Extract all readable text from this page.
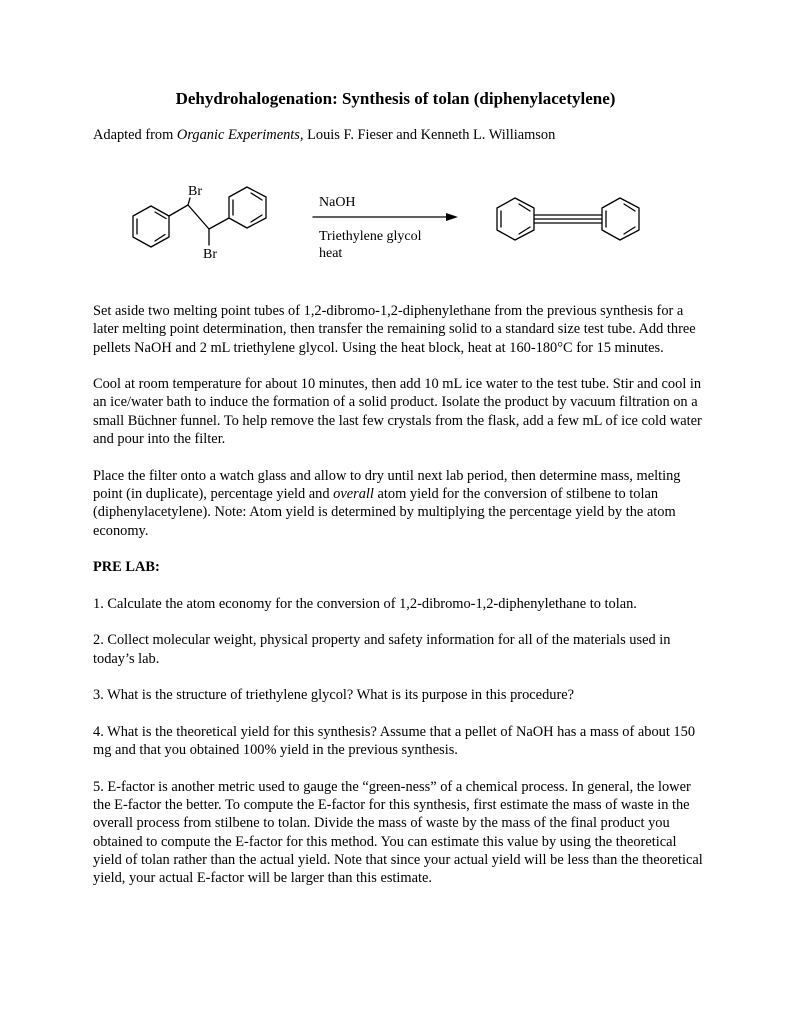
Dehydrohalogenation: Synthesis of tolan (diphenylacetylene)
Adapted from Organic Experiments, Louis F. Fieser and Kenneth L. Williamson
Br
Br
NaOH
Triethylene glycol
heat

Set aside two melting point tubes of 1,2-dibromo-1,2-diphenylethane from the previous synthesis for a later melting point determination, then transfer the remaining solid to a standard size test tube. Add three pellets NaOH and 2 mL triethylene glycol. Using the heat block, heat at 160-180°C for 15 minutes.

Cool at room temperature for about 10 minutes, then add 10 mL ice water to the test tube. Stir and cool in an ice/water bath to induce the formation of a solid product. Isolate the product by vacuum filtration on a small Büchner funnel. To help remove the last few crystals from the flask, add a few mL of ice cold water and pour into the filter.

Place the filter onto a watch glass and allow to dry until next lab period, then determine mass, melting point (in duplicate), percentage yield and overall atom yield for the conversion of stilbene to tolan (diphenylacetylene). Note: Atom yield is determined by multiplying the percentage yield by the atom economy.

PRE LAB:

1. Calculate the atom economy for the conversion of 1,2-dibromo-1,2-diphenylethane to tolan.

2. Collect molecular weight, physical property and safety information for all of the materials used in today’s lab.

3. What is the structure of triethylene glycol? What is its purpose in this procedure?

4. What is the theoretical yield for this synthesis? Assume that a pellet of NaOH has a mass of about 150 mg and that you obtained 100% yield in the previous synthesis.

5. E-factor is another metric used to gauge the “green-ness” of a chemical process. In general, the lower the E-factor the better. To compute the E-factor for this synthesis, first estimate the mass of waste in the overall process from stilbene to tolan. Divide the mass of waste by the mass of the final product you obtained to compute the E-factor for this method. You can estimate this value by using the theoretical yield of tolan rather than the actual yield. Note that since your actual yield will be less than the theoretical yield, your actual E-factor will be larger than this estimate.
